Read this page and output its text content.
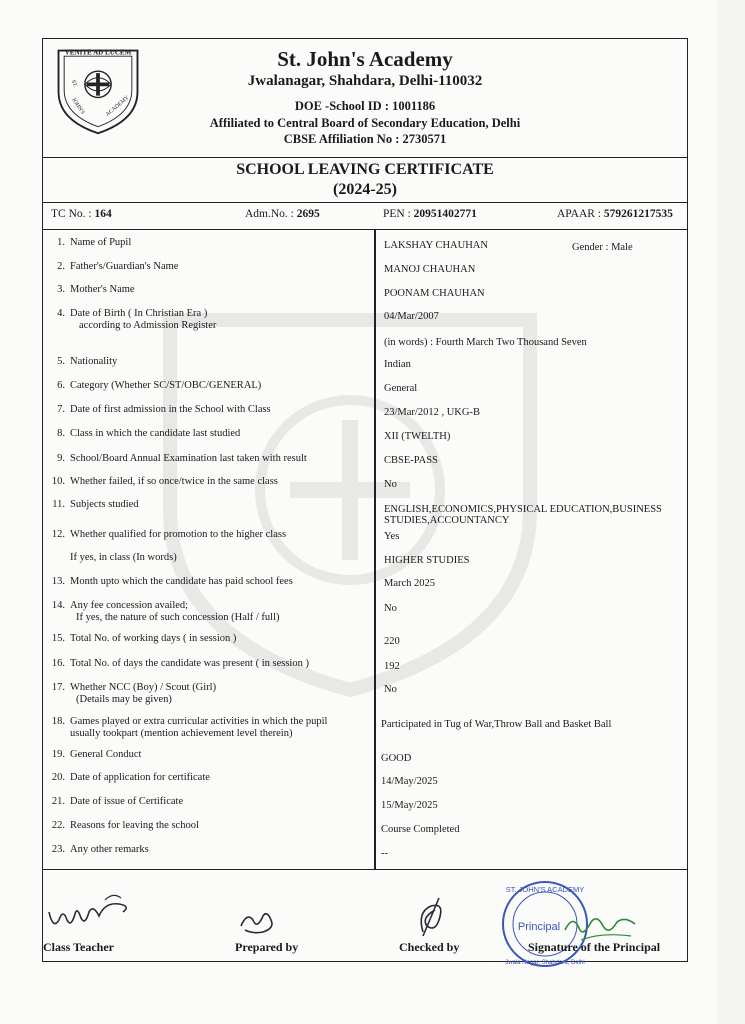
VENITE AD LUCEM
ST.
JOHN'S	ACADEMY
St. John's Academy
Jwalanagar, Shahdara, Delhi-110032
DOE -School ID : 1001186
Affiliated to Central Board of Secondary Education, Delhi
CBSE Affiliation No : 2730571
SCHOOL LEAVING CERTIFICATE
(2024-25)
TC No. : 164	Adm.No. : 2695	PEN : 20951402771	APAAR : 579261217535
1. Name of Pupil	LAKSHAY CHAUHAN	Gender : Male
2. Father's/Guardian's Name	MANOJ CHAUHAN
3. Mother's Name	POONAM CHAUHAN
4. Date of Birth ( In Christian Era )
according to Admission Register
04/Mar/2007
(in words) : Fourth March Two Thousand Seven
5. Nationality	Indian
6. Category (Whether SC/ST/OBC/GENERAL)	General
7. Date of first admission in the School with Class	23/Mar/2012 , UKG-B
8. Class in which the candidate last studied	XII (TWELTH)
9. School/Board Annual Examination last taken with result	CBSE-PASS
10. Whether failed, if so once/twice in the same class	No
11. Subjects studied	ENGLISH,ECONOMICS,PHYSICAL EDUCATION,BUSINESS
STUDIES,ACCOUNTANCY
12. Whether qualified for promotion to the higher class	Yes
If yes, in class (In words)	HIGHER STUDIES
13. Month upto which the candidate has paid school fees	March 2025
14. Any fee concession availed;
If yes, the nature of such concession (Half / full)
No
15. Total No. of working days ( in session )	220
16. Total No. of days the candidate was present ( in session )	192
17. Whether NCC (Boy) / Scout (Girl)
(Details may be given)
No
18. Games played or extra curricular activities in which the pupil
usually tookpart (mention achievement level therein)
Participated in Tug of War,Throw Ball and Basket Ball
19. General Conduct	GOOD
20. Date of application for certificate	14/May/2025
21. Date of issue of Certificate	15/May/2025
22. Reasons for leaving the school	Course Completed
23. Any other remarks	--
Class Teacher	Prepared by	Checked by
ST. JOHN'S ACADEMY
Principal
Jwala Nagar, Shahdara, Delhi
Signature of the Principal
